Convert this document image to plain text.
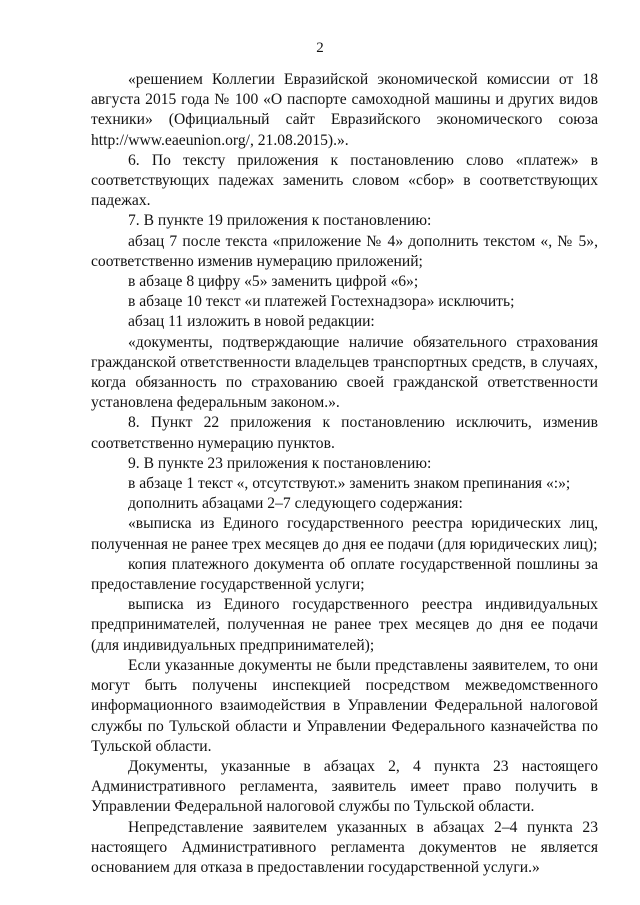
2

«решением Коллегии Евразийской экономической комиссии от 18 августа 2015 года № 100 «О паспорте самоходной машины и других видов техники» (Официальный сайт Евразийского экономического союза http://www.eaeunion.org/, 21.08.2015).».

6. По тексту приложения к постановлению слово «платеж» в соответствующих падежах заменить словом «сбор» в соответствующих падежах.

7. В пункте 19 приложения к постановлению:

абзац 7 после текста «приложение № 4» дополнить текстом «, № 5», соответственно изменив нумерацию приложений;

в абзаце 8 цифру «5» заменить цифрой «6»;

в абзаце 10 текст «и платежей Гостехнадзора» исключить;

абзац 11 изложить в новой редакции:

«документы, подтверждающие наличие обязательного страхования гражданской ответственности владельцев транспортных средств, в случаях, когда обязанность по страхованию своей гражданской ответственности установлена федеральным законом.».

8. Пункт 22 приложения к постановлению исключить, изменив соответственно нумерацию пунктов.

9. В пункте 23 приложения к постановлению:

в абзаце 1 текст «, отсутствуют.» заменить знаком препинания «:»;

дополнить абзацами 2–7 следующего содержания:

«выписка из Единого государственного реестра юридических лиц, полученная не ранее трех месяцев до дня ее подачи (для юридических лиц);

копия платежного документа об оплате государственной пошлины за предоставление государственной услуги;

выписка из Единого государственного реестра индивидуальных предпринимателей, полученная не ранее трех месяцев до дня ее подачи (для индивидуальных предпринимателей);

Если указанные документы не были представлены заявителем, то они могут быть получены инспекцией посредством межведомственного информационного взаимодействия в Управлении Федеральной налоговой службы по Тульской области и Управлении Федерального казначейства по Тульской области.

Документы, указанные в абзацах 2, 4 пункта 23 настоящего Административного регламента, заявитель имеет право получить в Управлении Федеральной налоговой службы по Тульской области.

Непредставление заявителем указанных в абзацах 2–4 пункта 23 настоящего Административного регламента документов не является основанием для отказа в предоставлении государственной услуги.»
